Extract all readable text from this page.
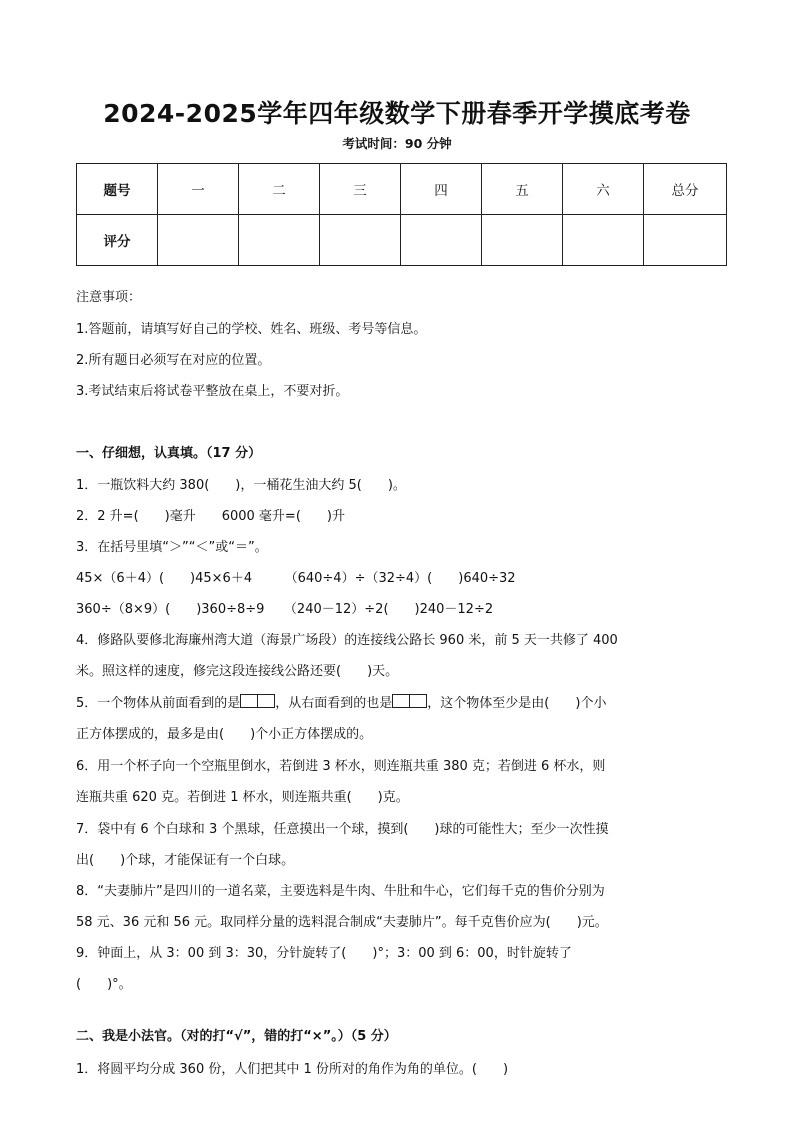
2024-2025学年四年级数学下册春季开学摸底考卷
考试时间：90 分钟
题号	一	二	三	四	五	六	总分
评分							
注意事项：
1.答题前，请填写好自己的学校、姓名、班级、考号等信息。
2.所有题日必须写在对应的位置。
3.考试结束后将试卷平整放在桌上，不要对折。
一、仔细想，认真填。（17 分）
1．一瓶饮料大约 380(　　)，一桶花生油大约 5(　　)。
2．2 升=(　　)毫升　　6000 毫升=(　　)升
3．在括号里填“＞”“＜”或“＝”。
45×（6＋4）(　　)45×6＋4　　　（640÷4）÷（32÷4）(　　)640÷32
360÷（8×9）(　　)360÷8÷9　　（240－12）÷2(　　)240－12÷2
4．修路队要修北海廉州湾大道（海景广场段）的连接线公路长 960 米，前 5 天一共修了 400
米。照这样的速度，修完这段连接线公路还要(　　)天。
5．一个物体从前面看到的是	，从右面看到的也是	，这个物体至少是由(　　)个小
正方体摆成的，最多是由(　　)个小正方体摆成的。
6．用一个杯子向一个空瓶里倒水，若倒进 3 杯水，则连瓶共重 380 克；若倒进 6 杯水，则
连瓶共重 620 克。若倒进 1 杯水，则连瓶共重(　　)克。
7．袋中有 6 个白球和 3 个黑球，任意摸出一个球，摸到(　　)球的可能性大；至少一次性摸
出(　　)个球，才能保证有一个白球。
8．“夫妻肺片”是四川的一道名菜，主要选料是牛肉、牛肚和牛心，它们每千克的售价分别为
58 元、36 元和 56 元。取同样分量的选料混合制成“夫妻肺片”。每千克售价应为(　　)元。
9．钟面上，从 3：00 到 3：30，分针旋转了(　　)°；3：00 到 6：00，时针旋转了
(　　)°。
二、我是小法官。（对的打“√”，错的打“×”。）（5 分）
1．将圆平均分成 360 份，人们把其中 1 份所对的角作为角的单位。(　　)
